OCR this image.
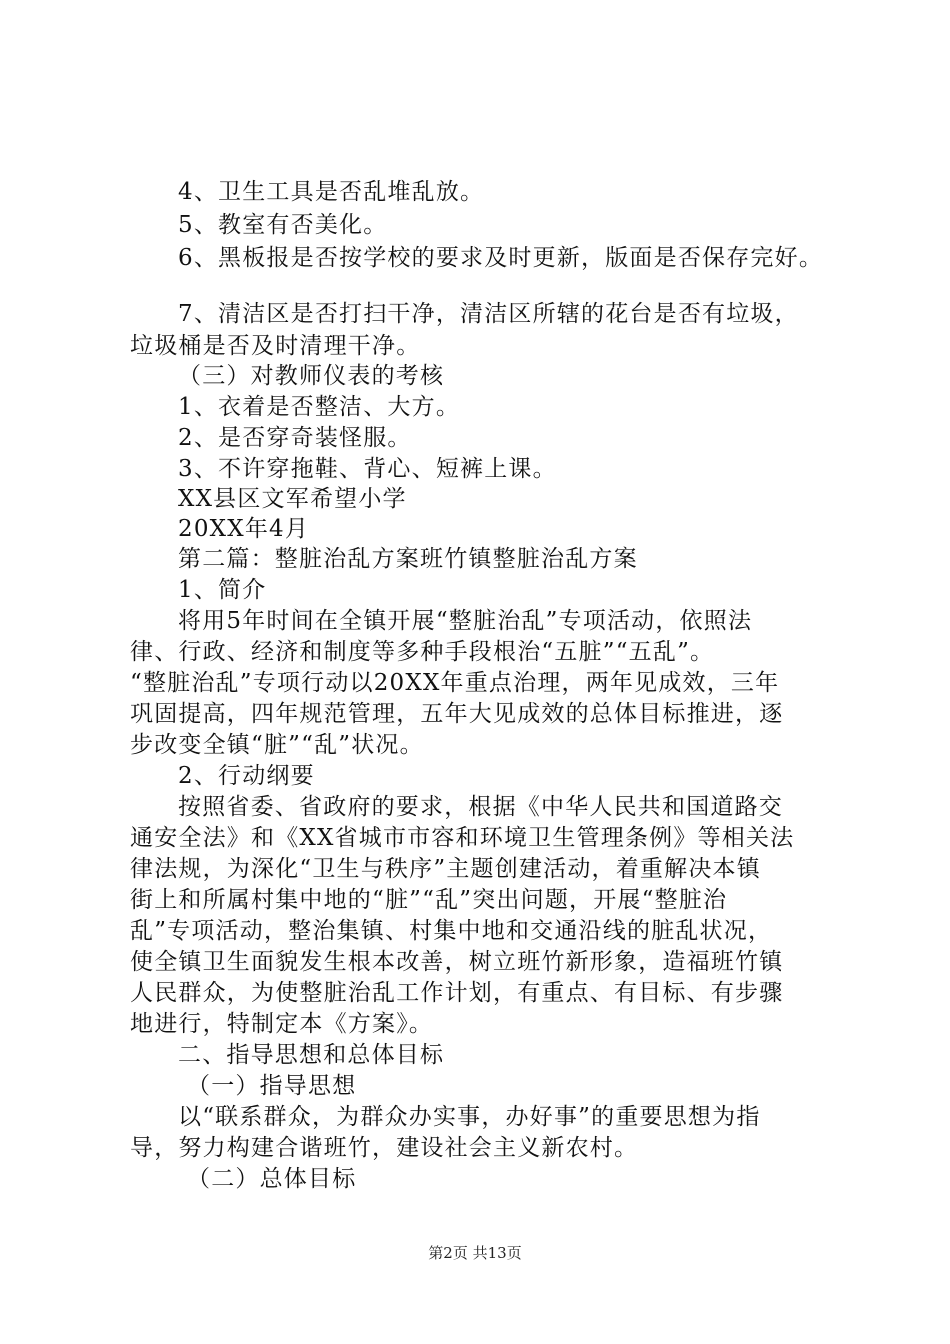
4、卫生工具是否乱堆乱放。
5、教室有否美化。
6、黑板报是否按学校的要求及时更新，版面是否保存完好。
7、清洁区是否打扫干净，清洁区所辖的花台是否有垃圾，
垃圾桶是否及时清理干净。
（三）对教师仪表的考核
1、衣着是否整洁、大方。
2、是否穿奇装怪服。
3、不许穿拖鞋、背心、短裤上课。
XX县区文军希望小学
20XX年4月
第二篇：整脏治乱方案班竹镇整脏治乱方案
1、简介
将用5年时间在全镇开展“整脏治乱”专项活动，依照法
律、行政、经济和制度等多种手段根治“五脏”“五乱”。
“整脏治乱”专项行动以20XX年重点治理，两年见成效，三年
巩固提高，四年规范管理，五年大见成效的总体目标推进，逐
步改变全镇“脏”“乱”状况。
2、行动纲要
按照省委、省政府的要求，根据《中华人民共和国道路交
通安全法》和《XX省城市市容和环境卫生管理条例》等相关法
律法规，为深化“卫生与秩序”主题创建活动，着重解决本镇
街上和所属村集中地的“脏”“乱”突出问题，开展“整脏治
乱”专项活动，整治集镇、村集中地和交通沿线的脏乱状况，
使全镇卫生面貌发生根本改善，树立班竹新形象，造福班竹镇
人民群众，为使整脏治乱工作计划，有重点、有目标、有步骤
地进行，特制定本《方案》。
二、指导思想和总体目标
（一）指导思想
以“联系群众，为群众办实事，办好事”的重要思想为指
导，努力构建合谐班竹，建设社会主义新农村。
（二）总体目标
第2页 共13页
